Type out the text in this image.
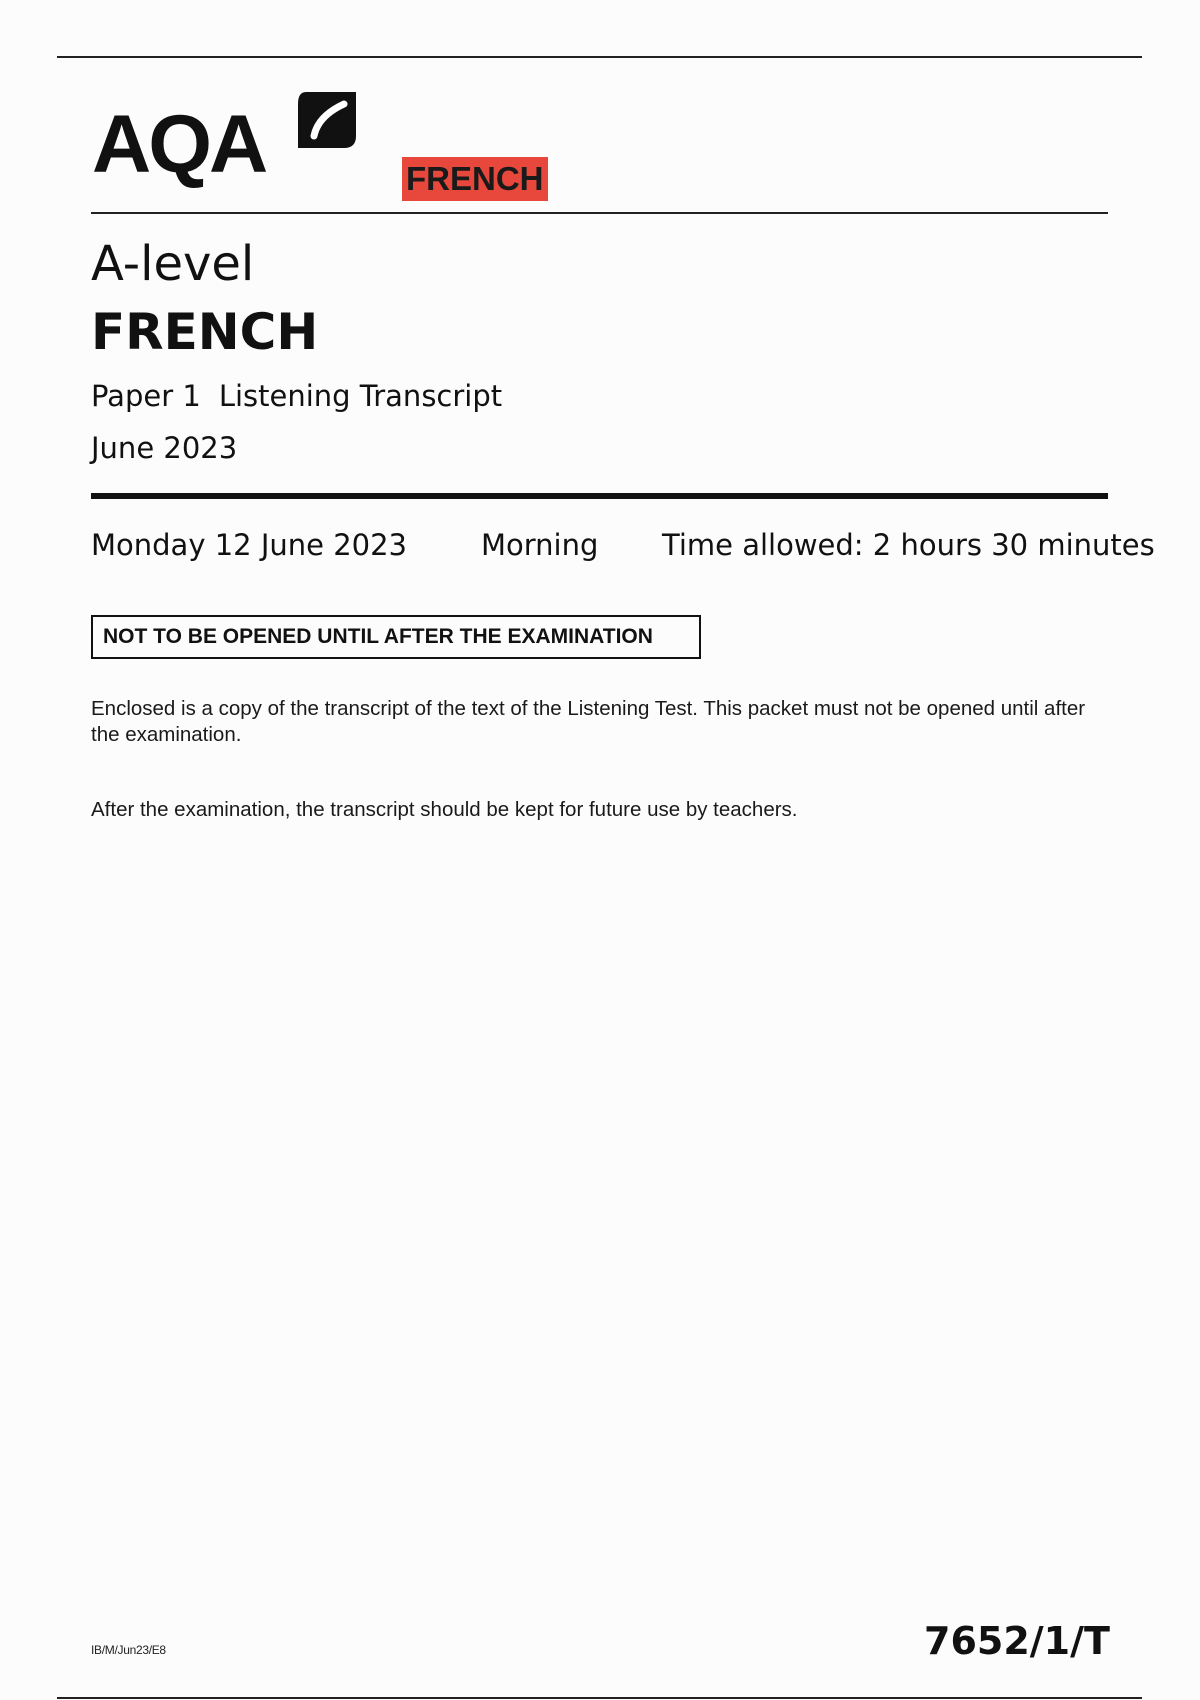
AQA	FRENCH
A-level
FRENCH
Paper 1 Listening Transcript
June 2023
Monday 12 June 2023	Morning Time allowed: 2 hours 30 minutes
NOT TO BE OPENED UNTIL AFTER THE EXAMINATION
Enclosed is a copy of the transcript of the text of the Listening Test. This packet must not be opened until after the examination.
After the examination, the transcript should be kept for future use by teachers.
IB/M/Jun23/E8	7652/1/T
